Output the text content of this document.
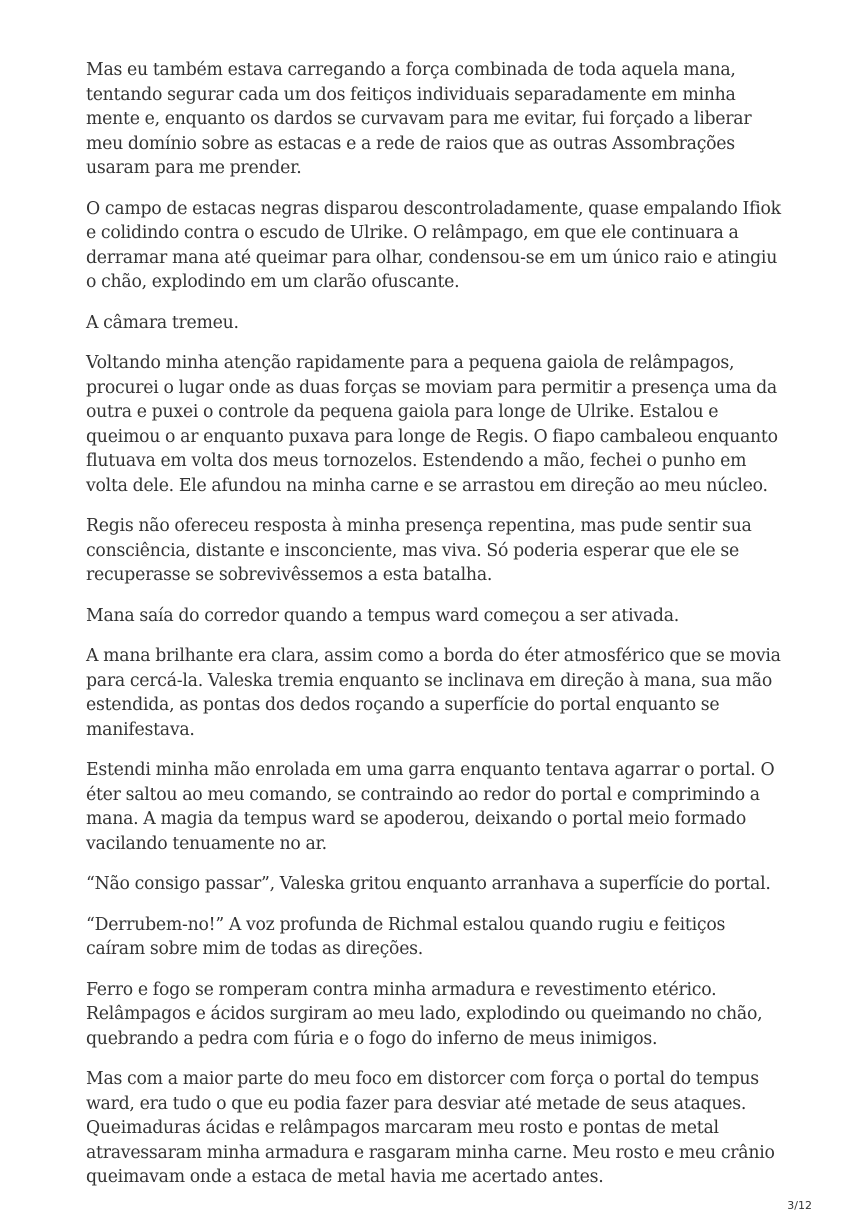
Mas eu também estava carregando a força combinada de toda aquela mana, tentando segurar cada um dos feitiços individuais separadamente em minha mente e, enquanto os dardos se curvavam para me evitar, fui forçado a liberar meu domínio sobre as estacas e a rede de raios que as outras Assombrações usaram para me prender.

O campo de estacas negras disparou descontroladamente, quase empalando Ifiok e colidindo contra o escudo de Ulrike. O relâmpago, em que ele continuara a derramar mana até queimar para olhar, condensou-se em um único raio e atingiu o chão, explodindo em um clarão ofuscante.

A câmara tremeu.

Voltando minha atenção rapidamente para a pequena gaiola de relâmpagos, procurei o lugar onde as duas forças se moviam para permitir a presença uma da outra e puxei o controle da pequena gaiola para longe de Ulrike. Estalou e queimou o ar enquanto puxava para longe de Regis. O fiapo cambaleou enquanto flutuava em volta dos meus tornozelos. Estendendo a mão, fechei o punho em volta dele. Ele afundou na minha carne e se arrastou em direção ao meu núcleo.

Regis não ofereceu resposta à minha presença repentina, mas pude sentir sua consciência, distante e insconciente, mas viva. Só poderia esperar que ele se recuperasse se sobrevivêssemos a esta batalha.

Mana saía do corredor quando a tempus ward começou a ser ativada.

A mana brilhante era clara, assim como a borda do éter atmosférico que se movia para cercá-la. Valeska tremia enquanto se inclinava em direção à mana, sua mão estendida, as pontas dos dedos roçando a superfície do portal enquanto se manifestava.

Estendi minha mão enrolada em uma garra enquanto tentava agarrar o portal. O éter saltou ao meu comando, se contraindo ao redor do portal e comprimindo a mana. A magia da tempus ward se apoderou, deixando o portal meio formado vacilando tenuamente no ar.

“Não consigo passar”, Valeska gritou enquanto arranhava a superfície do portal.

“Derrubem-no!” A voz profunda de Richmal estalou quando rugiu e feitiços caíram sobre mim de todas as direções.

Ferro e fogo se romperam contra minha armadura e revestimento etérico. Relâmpagos e ácidos surgiram ao meu lado, explodindo ou queimando no chão, quebrando a pedra com fúria e o fogo do inferno de meus inimigos.

Mas com a maior parte do meu foco em distorcer com força o portal do tempus ward, era tudo o que eu podia fazer para desviar até metade de seus ataques. Queimaduras ácidas e relâmpagos marcaram meu rosto e pontas de metal atravessaram minha armadura e rasgaram minha carne. Meu rosto e meu crânio queimavam onde a estaca de metal havia me acertado antes.

3/12
